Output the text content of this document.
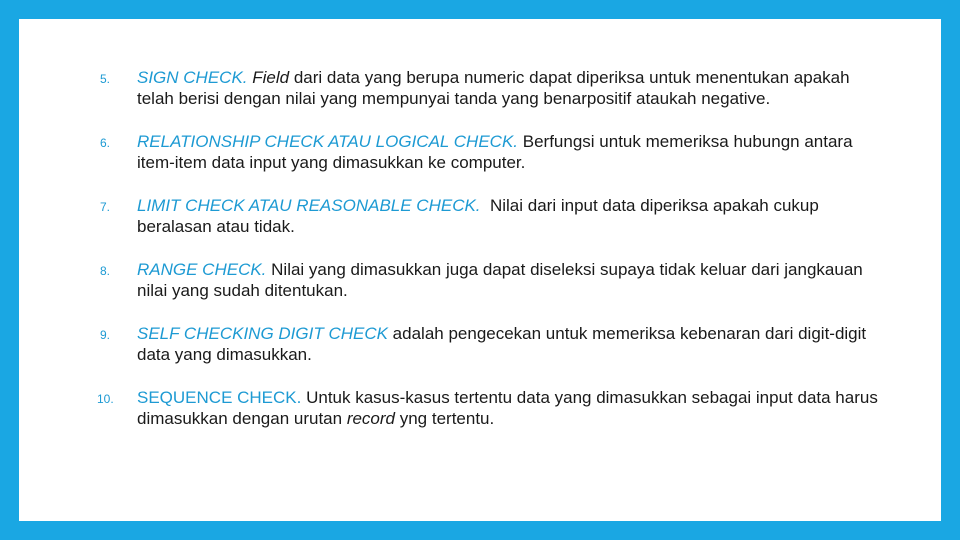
5.	SIGN CHECK. Field dari data yang berupa numeric dapat diperiksa untuk menentukan apakah telah berisi dengan nilai yang mempunyai tanda yang benarpositif ataukah negative.
6.	RELATIONSHIP CHECK ATAU LOGICAL CHECK. Berfungsi untuk memeriksa hubungn antara item-item data input yang dimasukkan ke computer.
7.	LIMIT CHECK ATAU REASONABLE CHECK.  Nilai dari input data diperiksa apakah cukup beralasan atau tidak.
8.	RANGE CHECK. Nilai yang dimasukkan juga dapat diseleksi supaya tidak keluar dari jangkauan nilai yang sudah ditentukan.
9.	SELF CHECKING DIGIT CHECK adalah pengecekan untuk memeriksa kebenaran dari digit-digit data yang dimasukkan.
10.	SEQUENCE CHECK. Untuk kasus-kasus tertentu data yang dimasukkan sebagai input data harus dimasukkan dengan urutan record yng tertentu.
